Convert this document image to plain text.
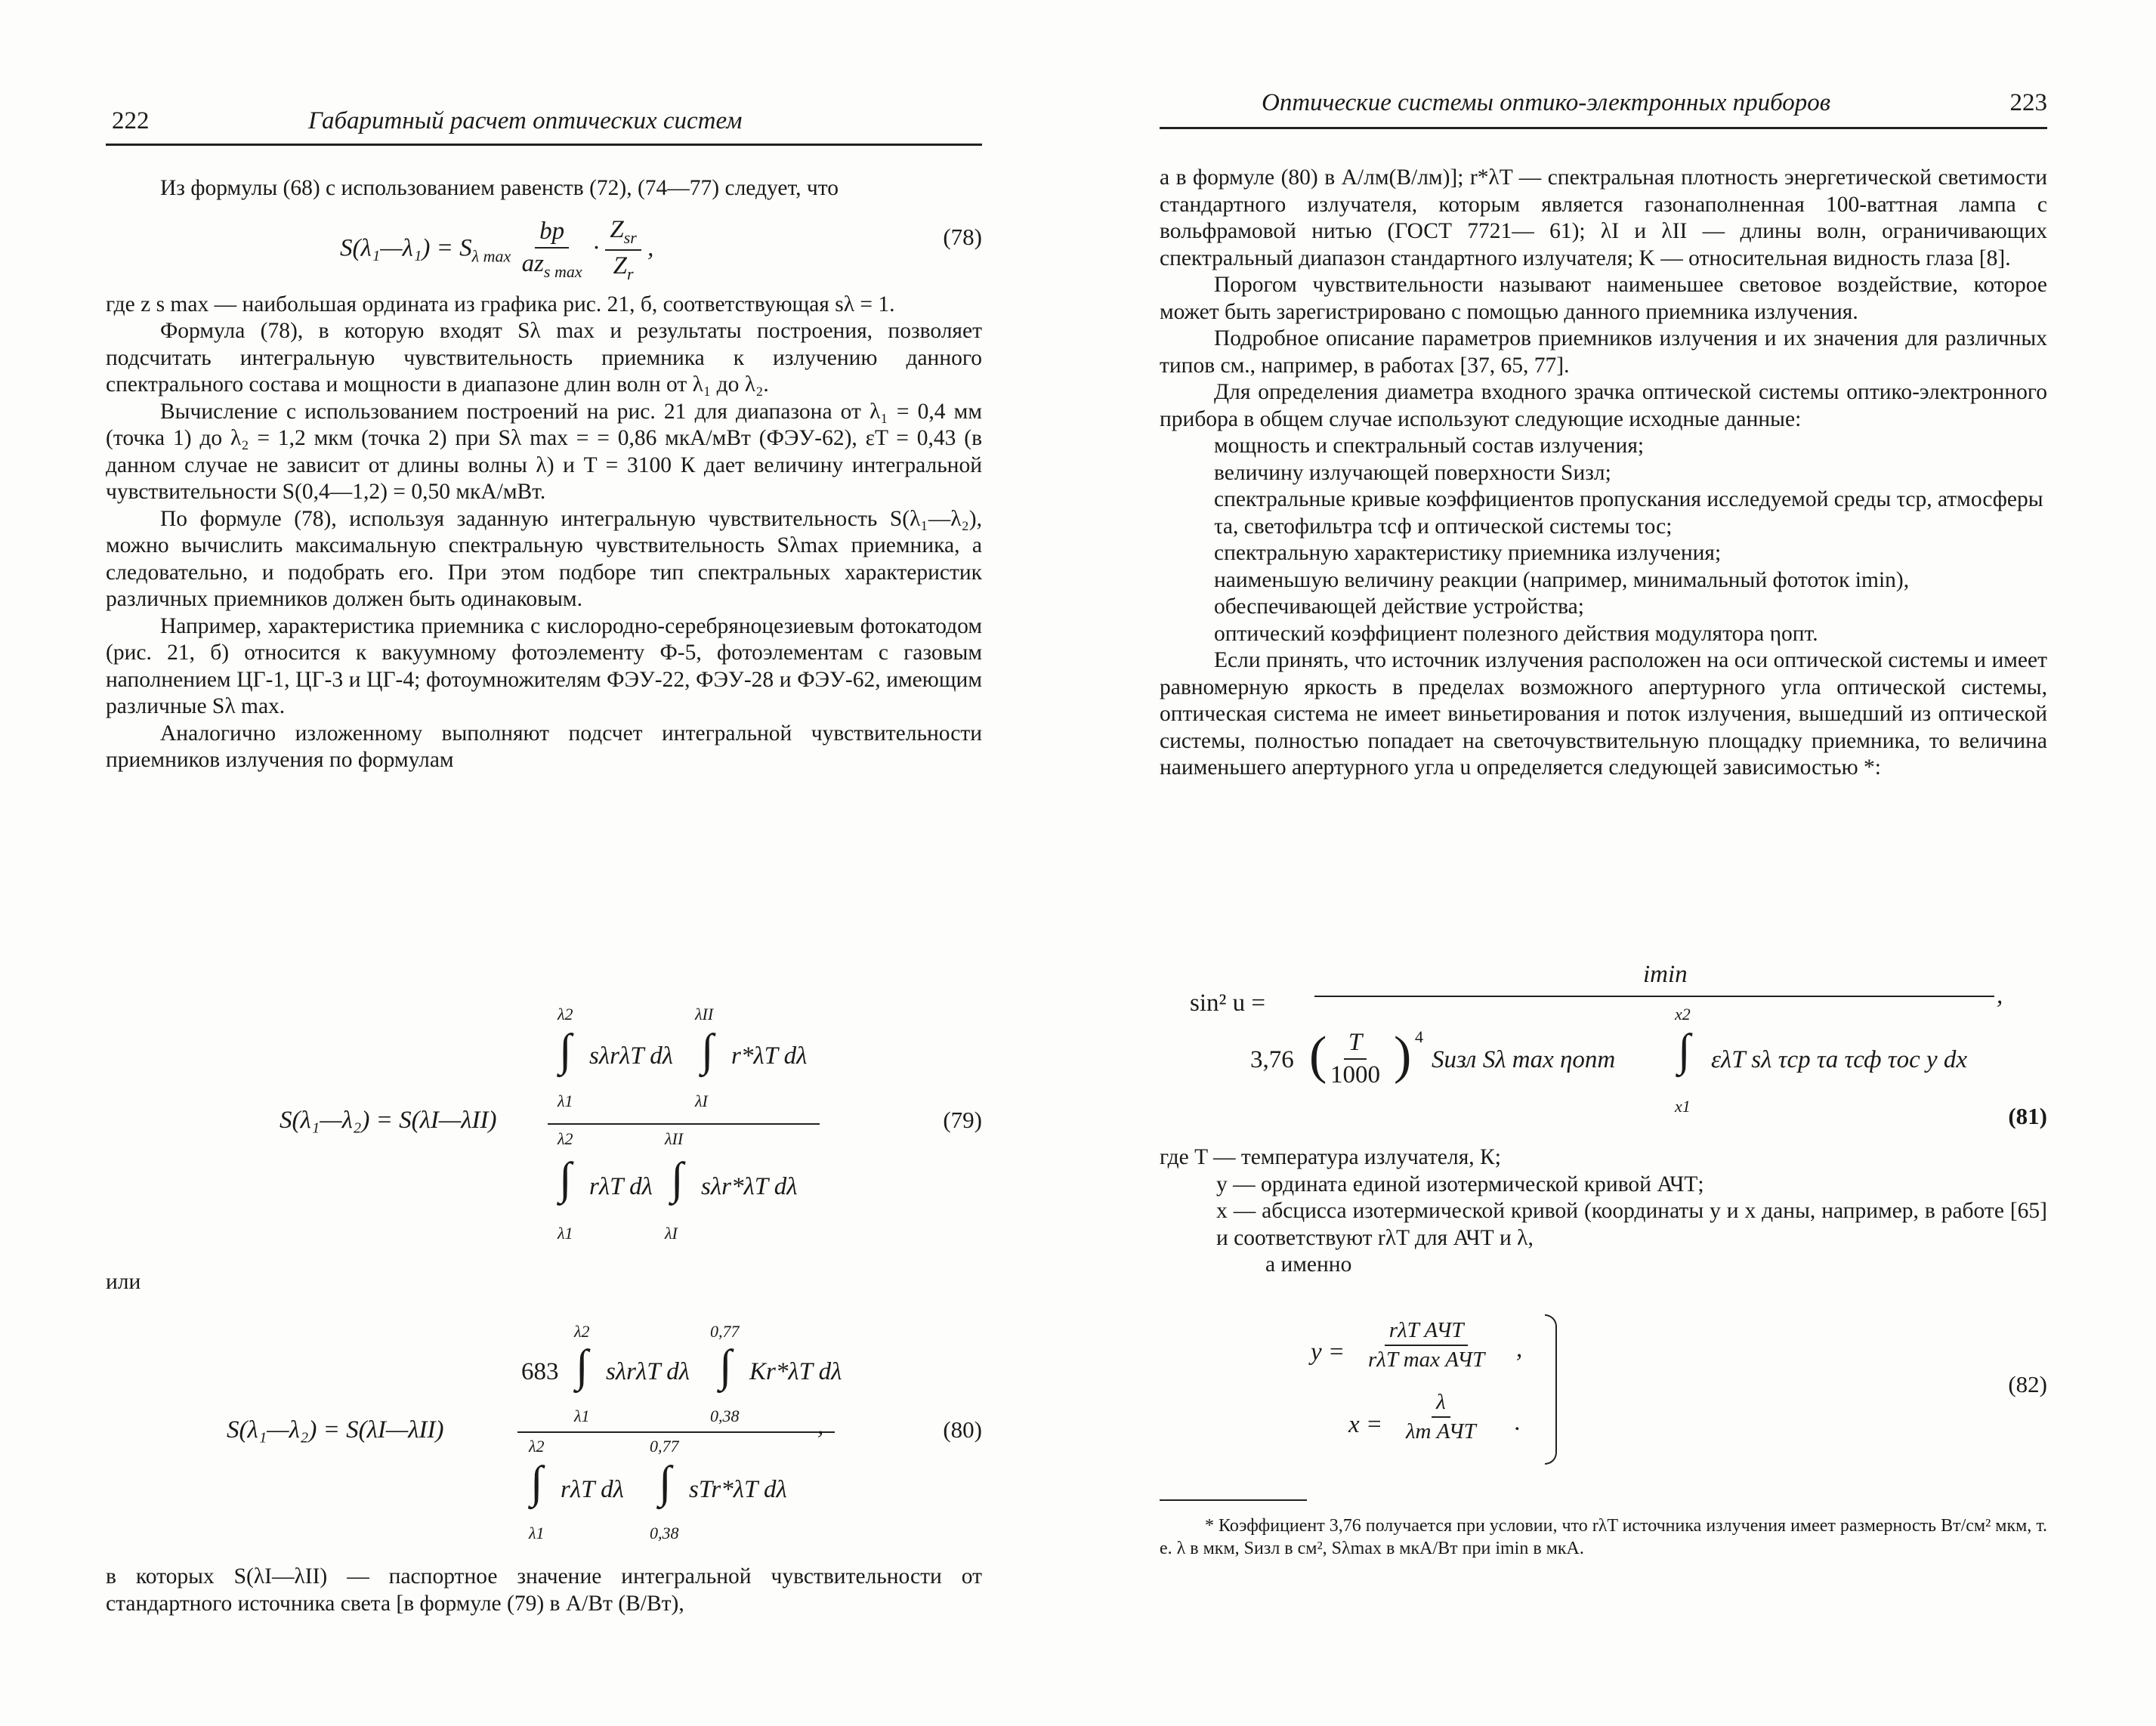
222	Габаритный расчет оптических систем

Из формулы (68) с использованием равенств (72), (74—77) следует, что

S(λ₁—λ₁) = $S_{\lambda max} \frac{bp}{az_{s max}} \cdot \frac{Z_{sr}}{Z_r}$ ,	(78)

где z s max — наибольшая ордината из графика рис. 21, б, соответствующая sλ = 1.

Формула (78), в которую входят Sλ max и результаты построения, позволяет подсчитать интегральную чувствительность приемника к излучению данного спектрального состава и мощности в диапазоне длин волн от λ₁ до λ₂.

Вычисление с использованием построений на рис. 21 для диапазона от λ₁ = 0,4 мм (точка 1) до λ₂ = 1,2 мкм (точка 2) при Sλ max = = 0,86 мкА/мВт (ФЭУ-62), εT = 0,43 (в данном случае не зависит от длины волны λ) и T = 3100 К дает величину интегральной чувствительности S(0,4—1,2) = 0,50 мкА/мВт.

По формуле (78), используя заданную интегральную чувствительность S(λ₁—λ₂), можно вычислить максимальную спектральную чувствительность Sλmax приемника, а следовательно, и подобрать его. При этом подборе тип спектральных характеристик различных приемников должен быть одинаковым.

Например, характеристика приемника с кислородно-серебряноцезиевым фотокатодом (рис. 21, б) относится к вакуумному фотоэлементу Ф-5, фотоэлементам с газовым наполнением ЦГ-1, ЦГ-3 и ЦГ-4; фотоумножителям ФЭУ-22, ФЭУ-28 и ФЭУ-62, имеющим различные Sλ max.

Аналогично изложенному выполняют подсчет интегральной чувствительности приемников излучения по формулам

S(λ₁—λ₂) = S(λI—λII)
λ2
λ1
∫ sλrλT dλ
λII
λI
∫ r*λT dλ
λ2
λ1
∫ rλT dλ
λII
λI
∫ sλr*λT dλ
(79)

или

S(λ₁—λ₂) = S(λI—λII)	,
683
λ2
λ1
∫ sλrλT dλ
0,77
0,38
∫ Kr*λT dλ
λ2
λ1
∫ rλT dλ
0,77
0,38
∫ sTr*λT dλ
(80)

в которых S(λI—λII) — паспортное значение интегральной чувствительности от стандартного источника света [в формуле (79) в А/Вт (В/Вт),

Оптические системы оптико-электронных приборов	223

а в формуле (80) в А/лм(В/лм)]; r*λT — спектральная плотность энергетической светимости стандартного излучателя, которым является газонаполненная 100-ваттная лампа с вольфрамовой нитью (ГОСТ 7721— 61); λI и λII — длины волн, ограничивающих спектральный диапазон стандартного излучателя; K — относительная видность глаза [8].

Порогом чувствительности называют наименьшее световое воздействие, которое может быть зарегистрировано с помощью данного приемника излучения.

Подробное описание параметров приемников излучения и их значения для различных типов см., например, в работах [37, 65, 77].

Для определения диаметра входного зрачка оптической системы оптико-электронного прибора в общем случае используют следующие исходные данные:

мощность и спектральный состав излучения;

величину излучающей поверхности Sизл;

спектральные кривые коэффициентов пропускания исследуемой среды τср, атмосферы τа, светофильтра τсф и оптической системы τос;

спектральную характеристику приемника излучения;

наименьшую величину реакции (например, минимальный фототок imin), обеспечивающей действие устройства;

оптический коэффициент полезного действия модулятора ηопт.

Если принять, что источник излучения расположен на оси оптической системы и имеет равномерную яркость в пределах возможного апертурного угла оптической системы, оптическая система не имеет виньетирования и поток излучения, вышедший из оптической системы, полностью попадает на светочувствительную площадку приемника, то величина наименьшего апертурного угла u определяется следующей зависимостью *:

sin² u =
imin
,
3,76 (
$\frac{T}{1000}$ ) 4
Sизл Sλ max ηопт
x2
x1
∫ ελT sλ τср τа τсф τос y dx
(81)

где T — температура излучателя, К;

y — ордината единой изотермической кривой АЧТ;

x — абсцисса изотермической кривой (координаты y и x даны, например, в работе [65] и соответствуют rλT для АЧТ и λ,

а именно

y =
rλT АЧТ
rλT max АЧТ ,
x =
λ
λm АЧТ .
(82)

* Коэффициент 3,76 получается при условии, что rλT источника излучения имеет размерность Вт/см² мкм, т. е. λ в мкм, Sизл в см², Sλmax в мкА/Вт при imin в мкА.
